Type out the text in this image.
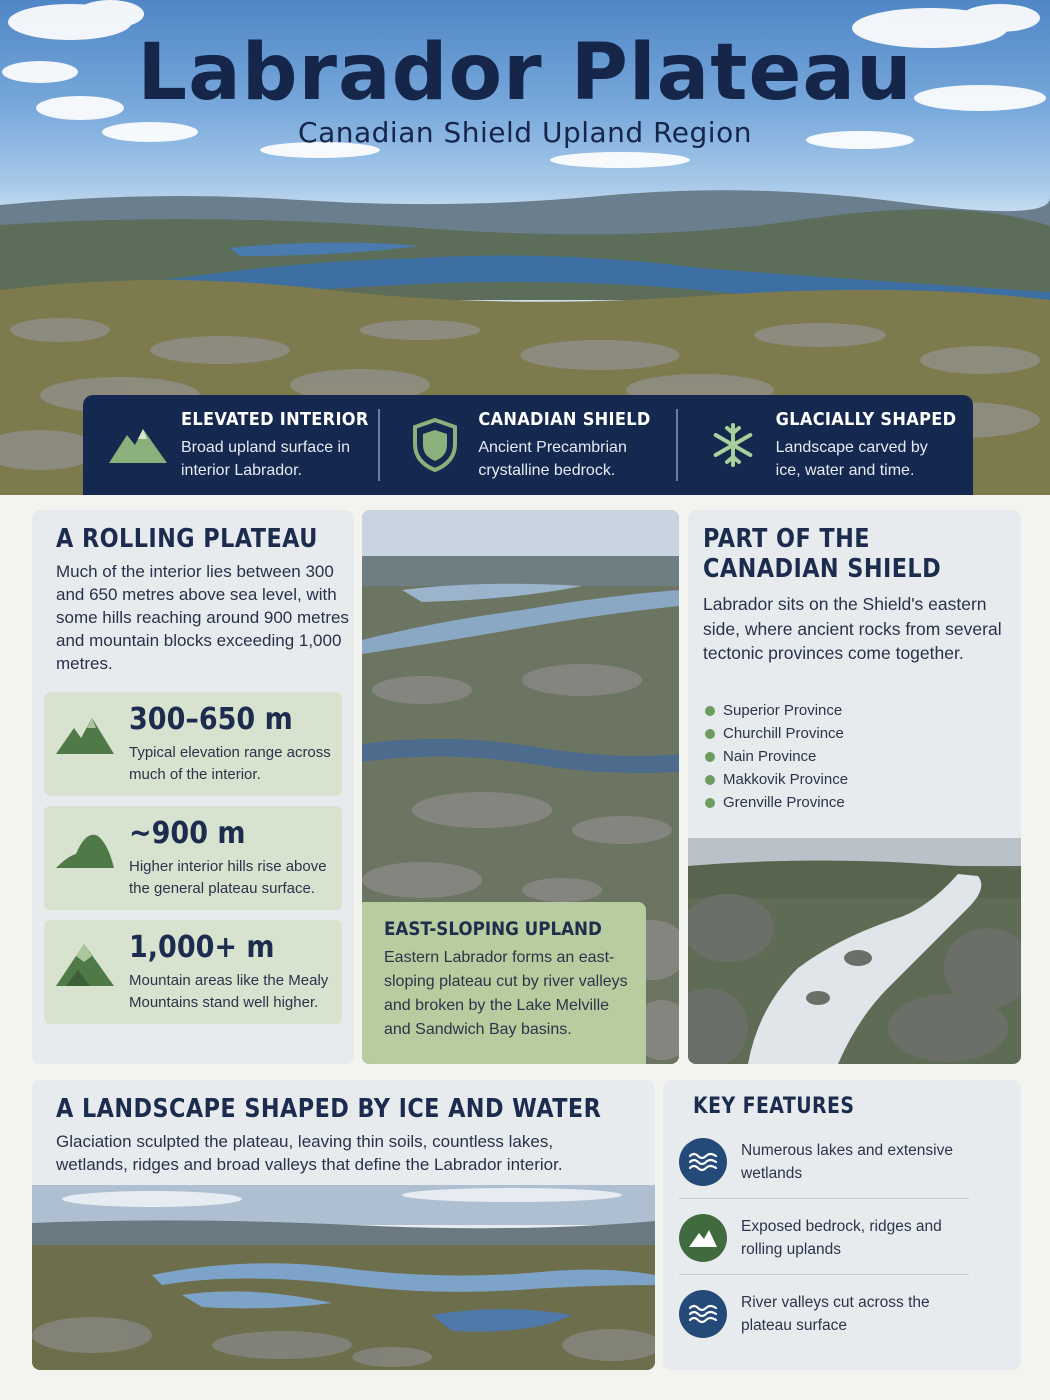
Labrador Plateau
Canadian Shield Upland Region
ELEVATED INTERIOR
Broad upland surface in interior Labrador.
CANADIAN SHIELD
Ancient Precambrian crystalline bedrock.
GLACIALLY SHAPED
Landscape carved by ice, water and time.
A ROLLING PLATEAU
Much of the interior lies between 300 and 650 metres above sea level, with some hills reaching around 900 metres and mountain blocks exceeding 1,000 metres.
300–650 m
Typical elevation range across much of the interior.
~900 m
Higher interior hills rise above the general plateau surface.
1,000+ m
Mountain areas like the Mealy Mountains stand well higher.
EAST-SLOPING UPLAND
Eastern Labrador forms an east-sloping plateau cut by river valleys and broken by the Lake Melville and Sandwich Bay basins.
PART OF THE
CANADIAN SHIELD
Labrador sits on the Shield's eastern side, where ancient rocks from several tectonic provinces come together.
Superior Province
Churchill Province
Nain Province
Makkovik Province
Grenville Province
A LANDSCAPE SHAPED BY ICE AND WATER
Glaciation sculpted the plateau, leaving thin soils, countless lakes, wetlands, ridges and broad valleys that define the Labrador interior.
KEY FEATURES
Numerous lakes and extensive wetlands
Exposed bedrock, ridges and rolling uplands
River valleys cut across the plateau surface
